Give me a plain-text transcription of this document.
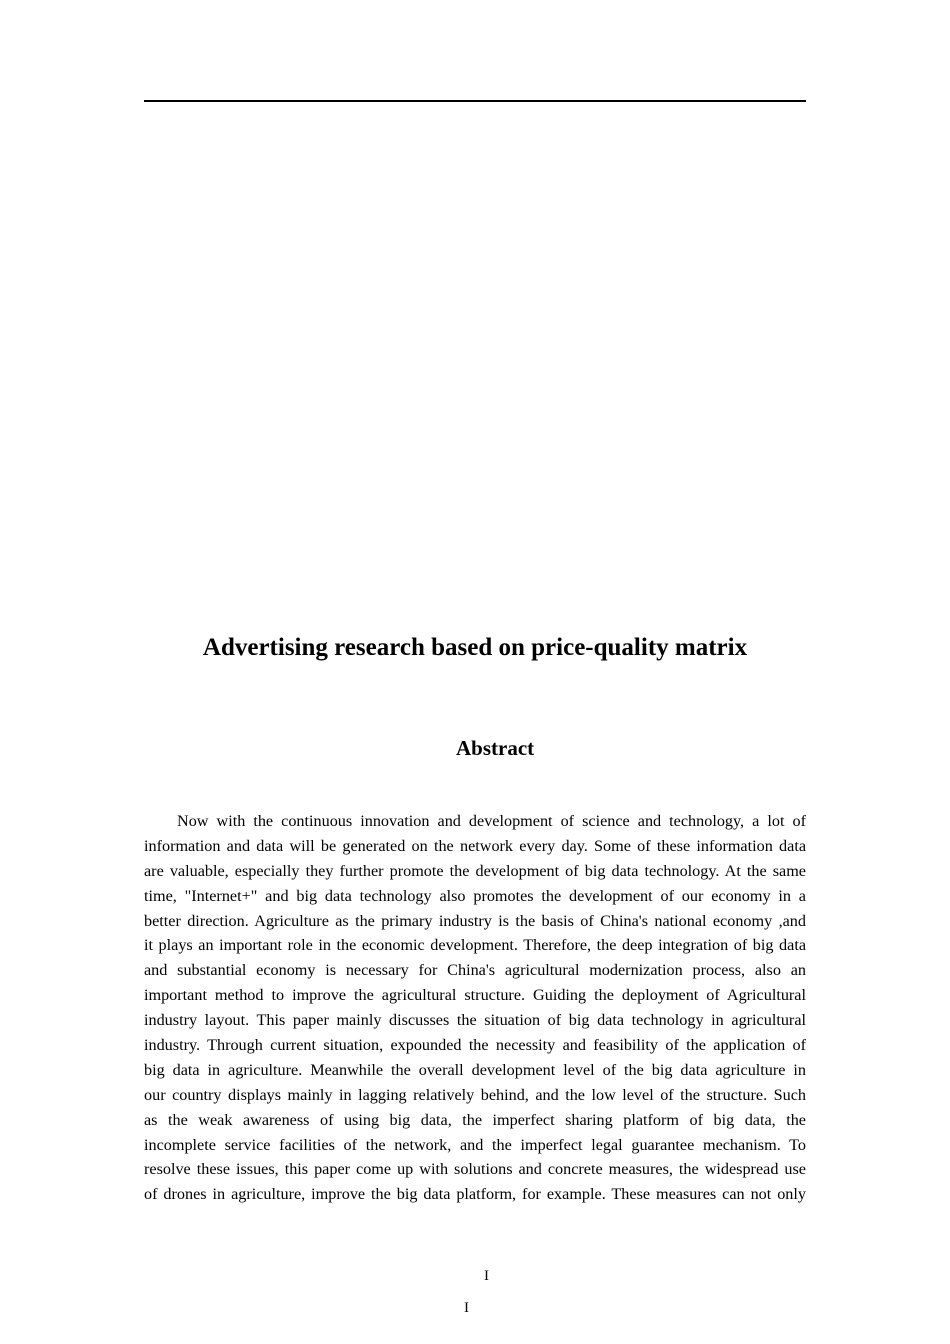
Advertising research based on price-quality matrix
Abstract
Now with the continuous innovation and development of science and technology, a lot of
information and data will be generated on the network every day. Some of these information data
are valuable, especially they further promote the development of big data technology. At the same
time, "Internet+" and big data technology also promotes the development of our economy in a
better direction. Agriculture as the primary industry is the basis of China's national economy ,and
it plays an important role in the economic development. Therefore, the deep integration of big data
and substantial economy is necessary for China's agricultural modernization process, also an
important method to improve the agricultural structure. Guiding the deployment of Agricultural
industry layout. This paper mainly discusses the situation of big data technology in agricultural
industry. Through current situation, expounded the necessity and feasibility of the application of
big data in agriculture. Meanwhile the overall development level of the big data agriculture in
our country displays mainly in lagging relatively behind, and the low level of the structure. Such
as the weak awareness of using big data, the imperfect sharing platform of big data, the
incomplete service facilities of the network, and the imperfect legal guarantee mechanism. To
resolve these issues, this paper come up with solutions and concrete measures, the widespread use
of drones in agriculture, improve the big data platform, for example. These measures can not only
I
I
